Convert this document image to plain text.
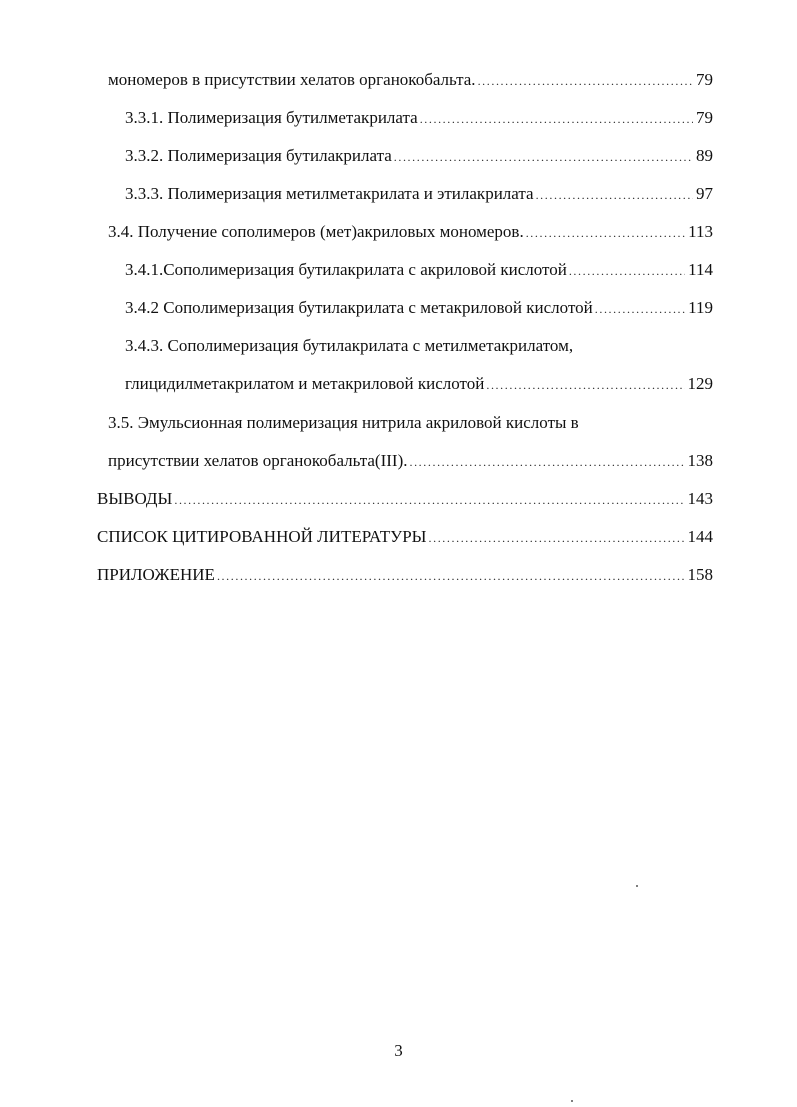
мономеров в присутствии хелатов органокобальта. .....	79
3.3.1. Полимеризация бутилметакрилата .....	79
3.3.2. Полимеризация бутилакрилата .....	89
3.3.3. Полимеризация метилметакрилата и этилакрилата .....	97
3.4. Получение сополимеров (мет)акриловых мономеров. .....	113
3.4.1.Сополимеризация бутилакрилата с акриловой кислотой .....	114
3.4.2 Сополимеризация бутилакрилата с метакриловой кислотой .....	119
3.4.3. Сополимеризация бутилакрилата с метилметакрилатом,
глицидилметакрилатом и метакриловой кислотой .....	129
3.5. Эмульсионная полимеризация нитрила акриловой кислоты в
присутствии хелатов органокобальта(III). .....	138
ВЫВОДЫ .....	143
СПИСОК ЦИТИРОВАННОЙ ЛИТЕРАТУРЫ .....	144
ПРИЛОЖЕНИЕ .....	158
3
